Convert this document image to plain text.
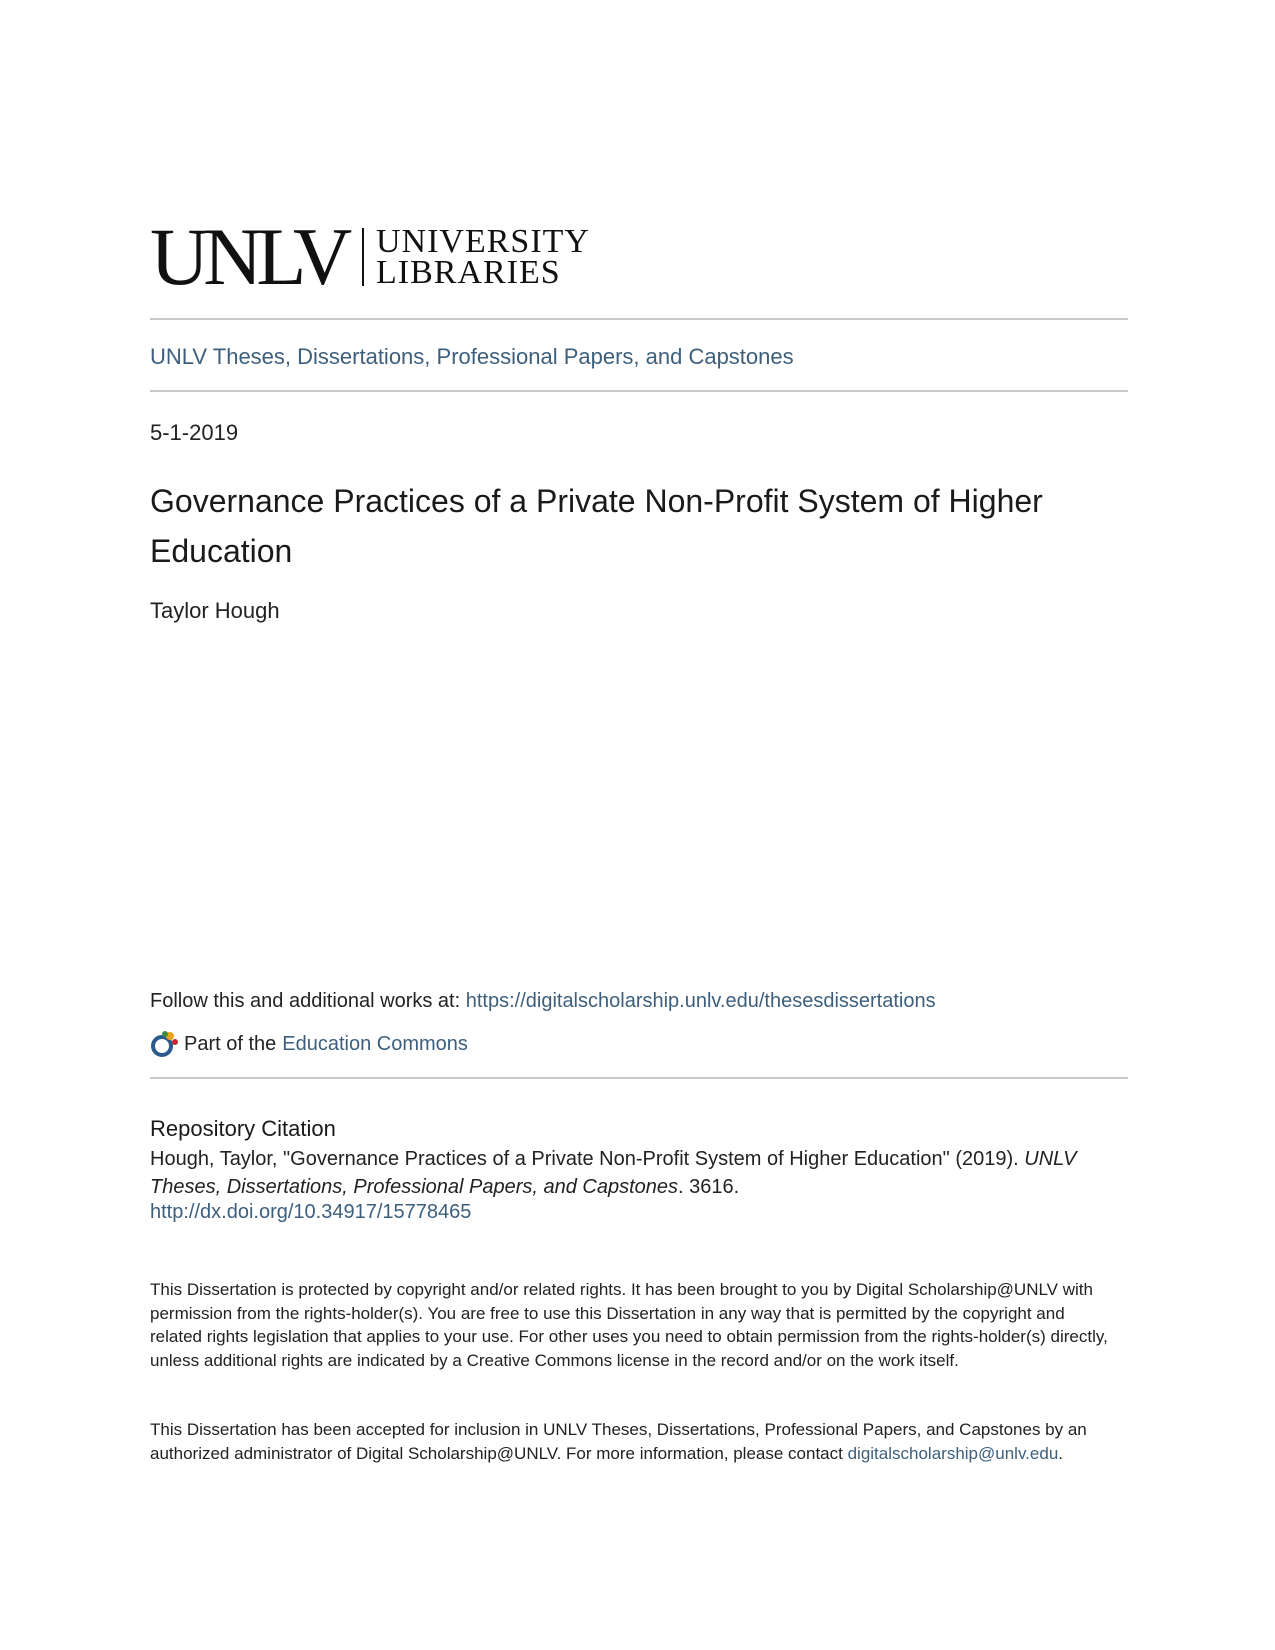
UNLV UNIVERSITY
LIBRARIES
UNLV Theses, Dissertations, Professional Papers, and Capstones
5-1-2019
Governance Practices of a Private Non-Profit System of Higher Education
Taylor Hough
Follow this and additional works at: https://digitalscholarship.unlv.edu/thesesdissertations
Part of the Education Commons
Repository Citation
Hough, Taylor, "Governance Practices of a Private Non-Profit System of Higher Education" (2019). UNLV Theses, Dissertations, Professional Papers, and Capstones. 3616.
http://dx.doi.org/10.34917/15778465
This Dissertation is protected by copyright and/or related rights. It has been brought to you by Digital Scholarship@UNLV with permission from the rights-holder(s). You are free to use this Dissertation in any way that is permitted by the copyright and related rights legislation that applies to your use. For other uses you need to obtain permission from the rights-holder(s) directly, unless additional rights are indicated by a Creative Commons license in the record and/or on the work itself.
This Dissertation has been accepted for inclusion in UNLV Theses, Dissertations, Professional Papers, and Capstones by an authorized administrator of Digital Scholarship@UNLV. For more information, please contact digitalscholarship@unlv.edu.
